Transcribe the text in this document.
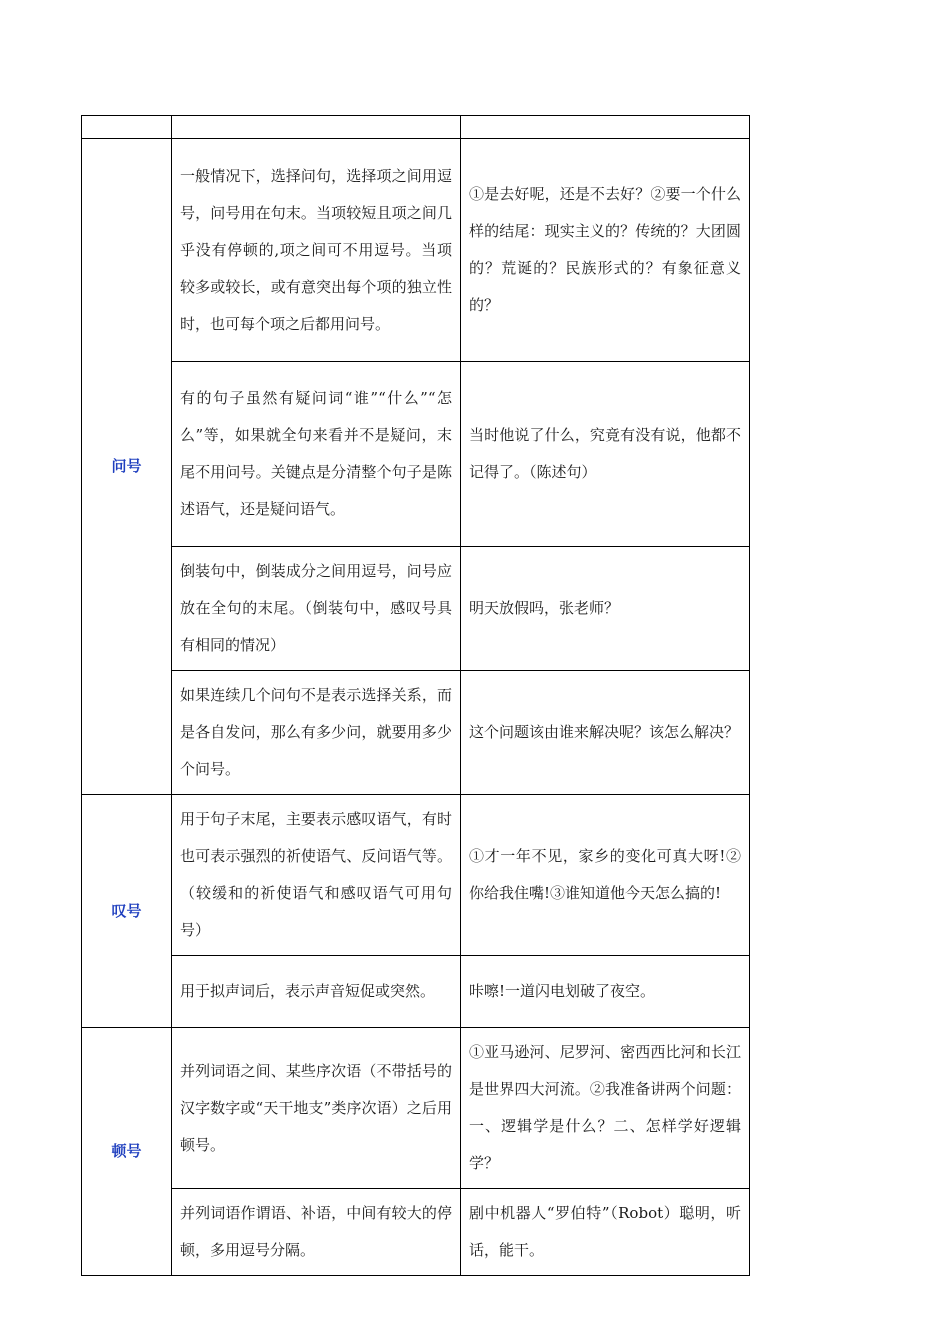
问号	一般情况下，选择问句，选择项之间用逗号，问号用在句末。当项较短且项之间几乎没有停顿的,项之间可不用逗号。当项较多或较长，或有意突出每个项的独立性时，也可每个项之后都用问号。	①是去好呢，还是不去好？②要一个什么样的结尾：现实主义的？传统的？大团圆的？荒诞的？民族形式的？有象征意义的？
	有的句子虽然有疑问词“谁”“什么”“怎么”等，如果就全句来看并不是疑问，末尾不用问号。关键点是分清整个句子是陈述语气，还是疑问语气。	当时他说了什么，究竟有没有说，他都不记得了。（陈述句）
	倒装句中，倒装成分之间用逗号，问号应放在全句的末尾。（倒装句中，感叹号具有相同的情况）	明天放假吗，张老师？
	如果连续几个问句不是表示选择关系，而是各自发问，那么有多少问，就要用多少个问号。	这个问题该由谁来解决呢？该怎么解决？
叹号	用于句子末尾，主要表示感叹语气，有时也可表示强烈的祈使语气、反问语气等。（较缓和的祈使语气和感叹语气可用句号）	①才一年不见，家乡的变化可真大呀!②你给我住嘴!③谁知道他今天怎么搞的!
	用于拟声词后，表示声音短促或突然。	咔嚓!一道闪电划破了夜空。
顿号	并列词语之间、某些序次语（不带括号的汉字数字或“天干地支”类序次语）之后用顿号。	①亚马逊河、尼罗河、密西西比河和长江是世界四大河流。②我准备讲两个问题：一、逻辑学是什么？二、怎样学好逻辑学？
	并列词语作谓语、补语，中间有较大的停顿，多用逗号分隔。	剧中机器人“罗伯特”（Robot）聪明，听话，能干。
